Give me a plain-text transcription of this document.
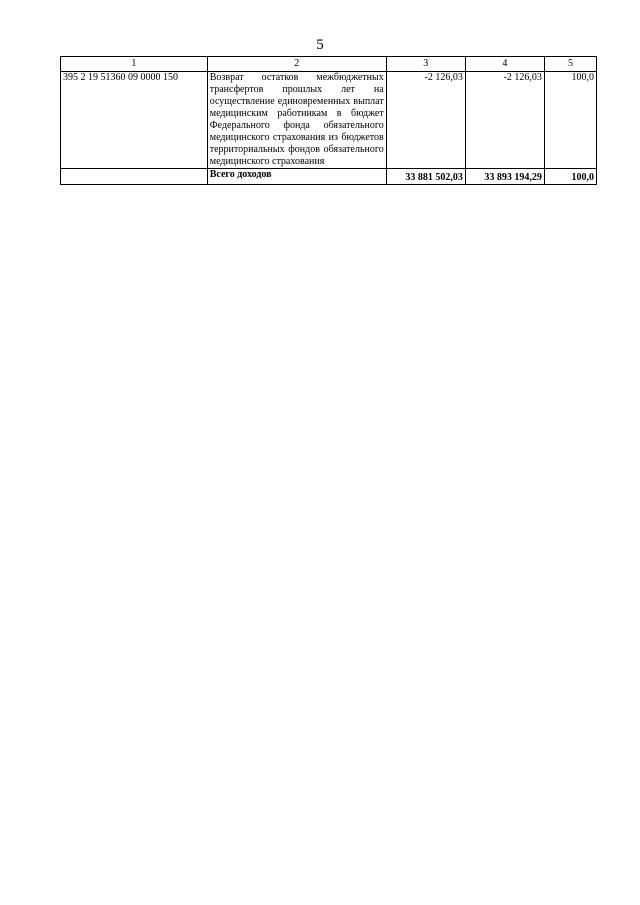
5
1	2	3	4	5
395 2 19 51360 09 0000 150	Возврат остатков межбюджетных трансфертов прошлых лет на осуществление единовременных выплат медицинским работникам в бюджет Федерального фонда обязательного медицинского страхования из бюджетов территориальных фондов обязательного медицинского страхования	-2 126,03	-2 126,03	100,0
	Всего доходов	33 881 502,03	33 893 194,29	100,0
